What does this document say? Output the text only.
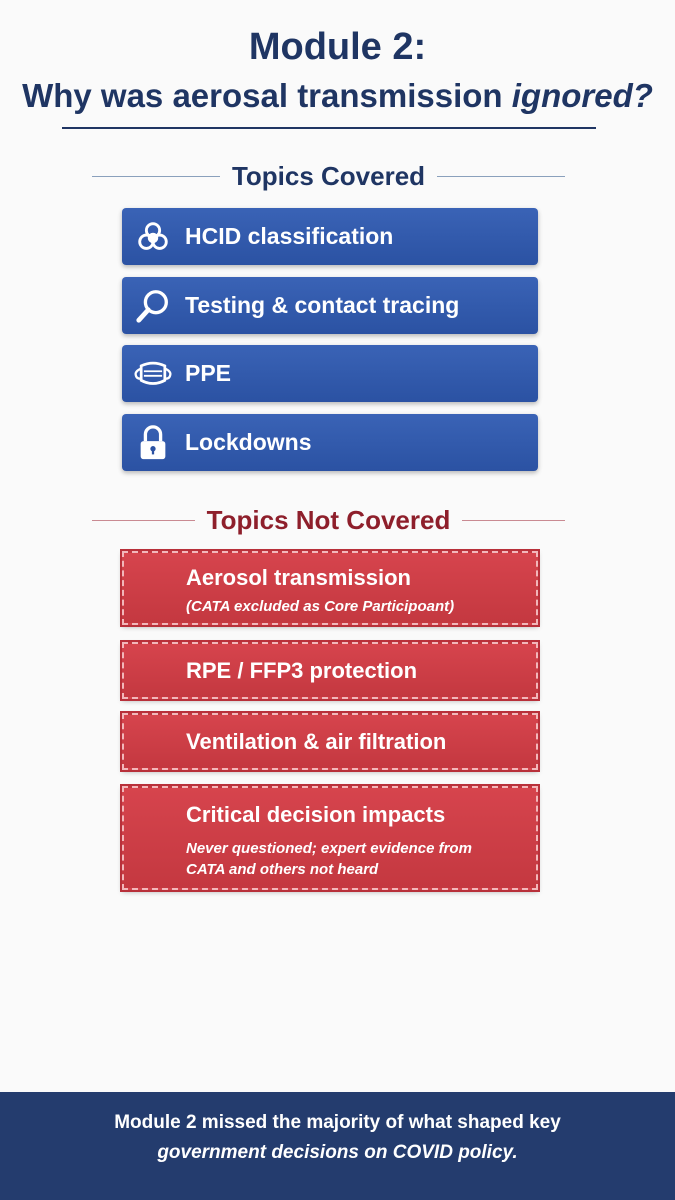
Module 2:
Why was aerosal transmission ignored?
Topics Covered
HCID classification
Testing & contact tracing
PPE
Lockdowns
Topics Not Covered
Aerosol transmission
(CATA excluded as Core Participoant)
RPE / FFP3 protection
Ventilation & air filtration
Critical decision impacts
Never questioned; expert evidence from
CATA and others not heard
Module 2 missed the majority of what shaped key
government decisions on COVID policy.
